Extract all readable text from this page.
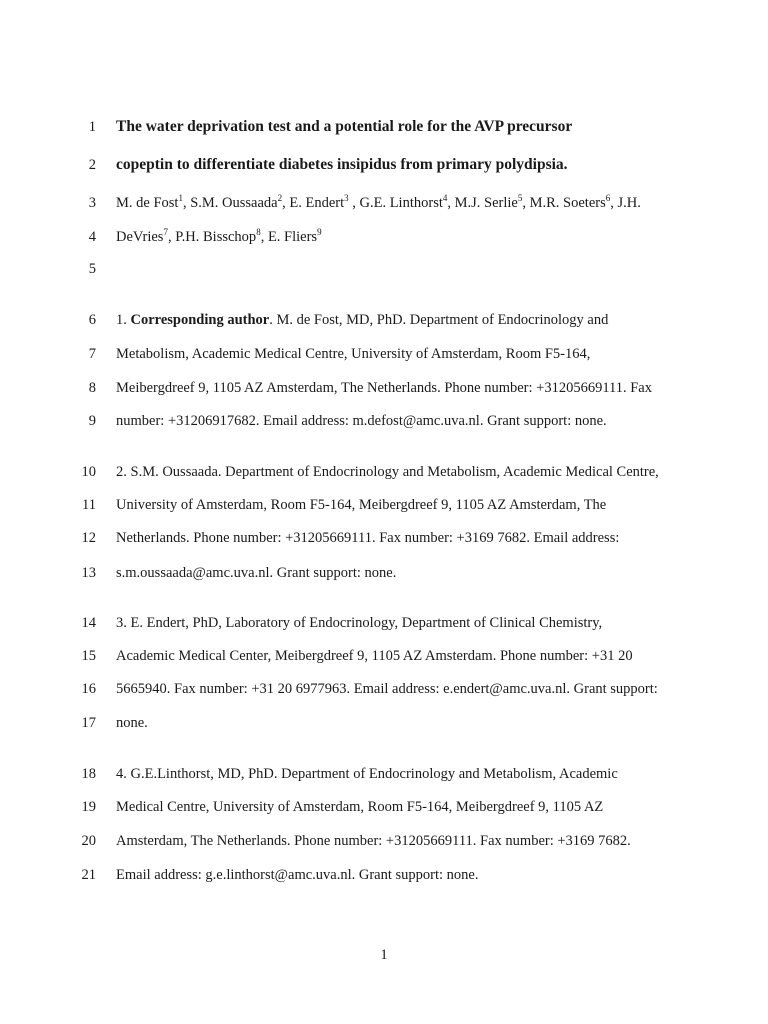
1 The water deprivation test and a potential role for the AVP precursor
2 copeptin to differentiate diabetes insipidus from primary polydipsia.
3 M. de Fost$^1$, S.M. Oussaada$^2$, E. Endert$^3$ , G.E. Linthorst$^4$, M.J. Serlie$^5$, M.R. Soeters$^6$, J.H.
4 DeVries$^7$, P.H. Bisschop$^8$, E. Fliers$^9$
5
6 1. Corresponding author. M. de Fost, MD, PhD. Department of Endocrinology and
7 Metabolism, Academic Medical Centre, University of Amsterdam, Room F5-164,
8 Meibergdreef 9, 1105 AZ Amsterdam, The Netherlands. Phone number: +31205669111. Fax
9 number: +31206917682. Email address: m.defost@amc.uva.nl. Grant support: none.
10 2. S.M. Oussaada. Department of Endocrinology and Metabolism, Academic Medical Centre,
11 University of Amsterdam, Room F5-164, Meibergdreef 9, 1105 AZ Amsterdam, The
12 Netherlands. Phone number: +31205669111. Fax number: +3169 7682. Email address:
13 s.m.oussaada@amc.uva.nl. Grant support: none.
14 3. E. Endert, PhD, Laboratory of Endocrinology, Department of Clinical Chemistry,
15 Academic Medical Center, Meibergdreef 9, 1105 AZ Amsterdam. Phone number: +31 20
16 5665940. Fax number: +31 20 6977963. Email address: e.endert@amc.uva.nl. Grant support:
17 none.
18 4. G.E.Linthorst, MD, PhD. Department of Endocrinology and Metabolism, Academic
19 Medical Centre, University of Amsterdam, Room F5-164, Meibergdreef 9, 1105 AZ
20 Amsterdam, The Netherlands. Phone number: +31205669111. Fax number: +3169 7682.
21 Email address: g.e.linthorst@amc.uva.nl. Grant support: none.
1
